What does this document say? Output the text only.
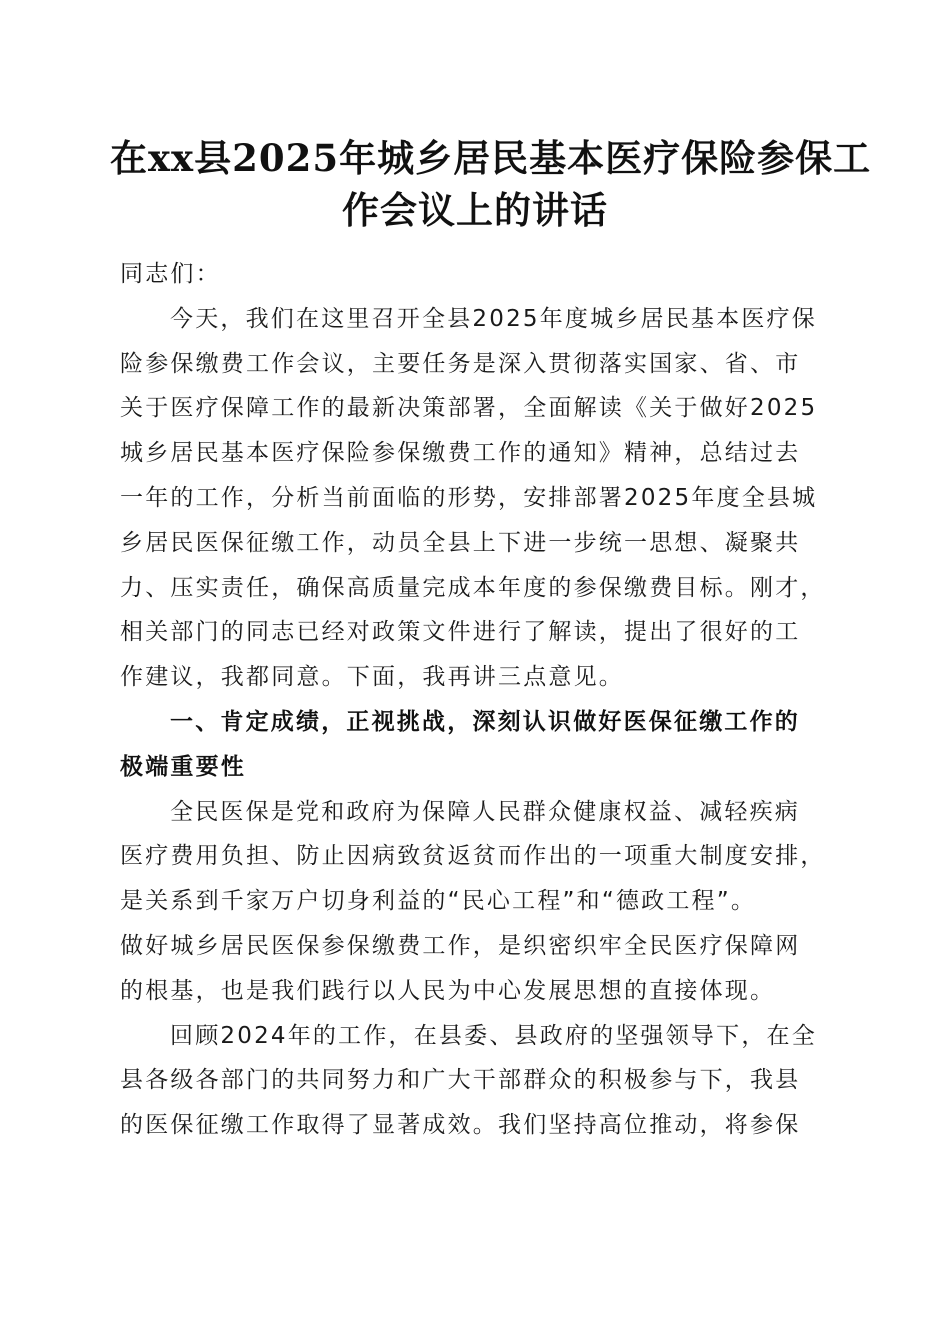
在xx县2025年城乡居民基本医疗保险参保工
作会议上的讲话
同志们：
今天，我们在这里召开全县2025年度城乡居民基本医疗保
险参保缴费工作会议，主要任务是深入贯彻落实国家、省、市
关于医疗保障工作的最新决策部署，全面解读《关于做好2025
城乡居民基本医疗保险参保缴费工作的通知》精神，总结过去
一年的工作，分析当前面临的形势，安排部署2025年度全县城
乡居民医保征缴工作，动员全县上下进一步统一思想、凝聚共
力、压实责任，确保高质量完成本年度的参保缴费目标。刚才，
相关部门的同志已经对政策文件进行了解读，提出了很好的工
作建议，我都同意。下面，我再讲三点意见。
一、肯定成绩，正视挑战，深刻认识做好医保征缴工作的
极端重要性
全民医保是党和政府为保障人民群众健康权益、减轻疾病
医疗费用负担、防止因病致贫返贫而作出的一项重大制度安排，
是关系到千家万户切身利益的“民心工程”和“德政工程”。
做好城乡居民医保参保缴费工作，是织密织牢全民医疗保障网
的根基，也是我们践行以人民为中心发展思想的直接体现。
回顾2024年的工作，在县委、县政府的坚强领导下，在全
县各级各部门的共同努力和广大干部群众的积极参与下，我县
的医保征缴工作取得了显著成效。我们坚持高位推动，将参保
